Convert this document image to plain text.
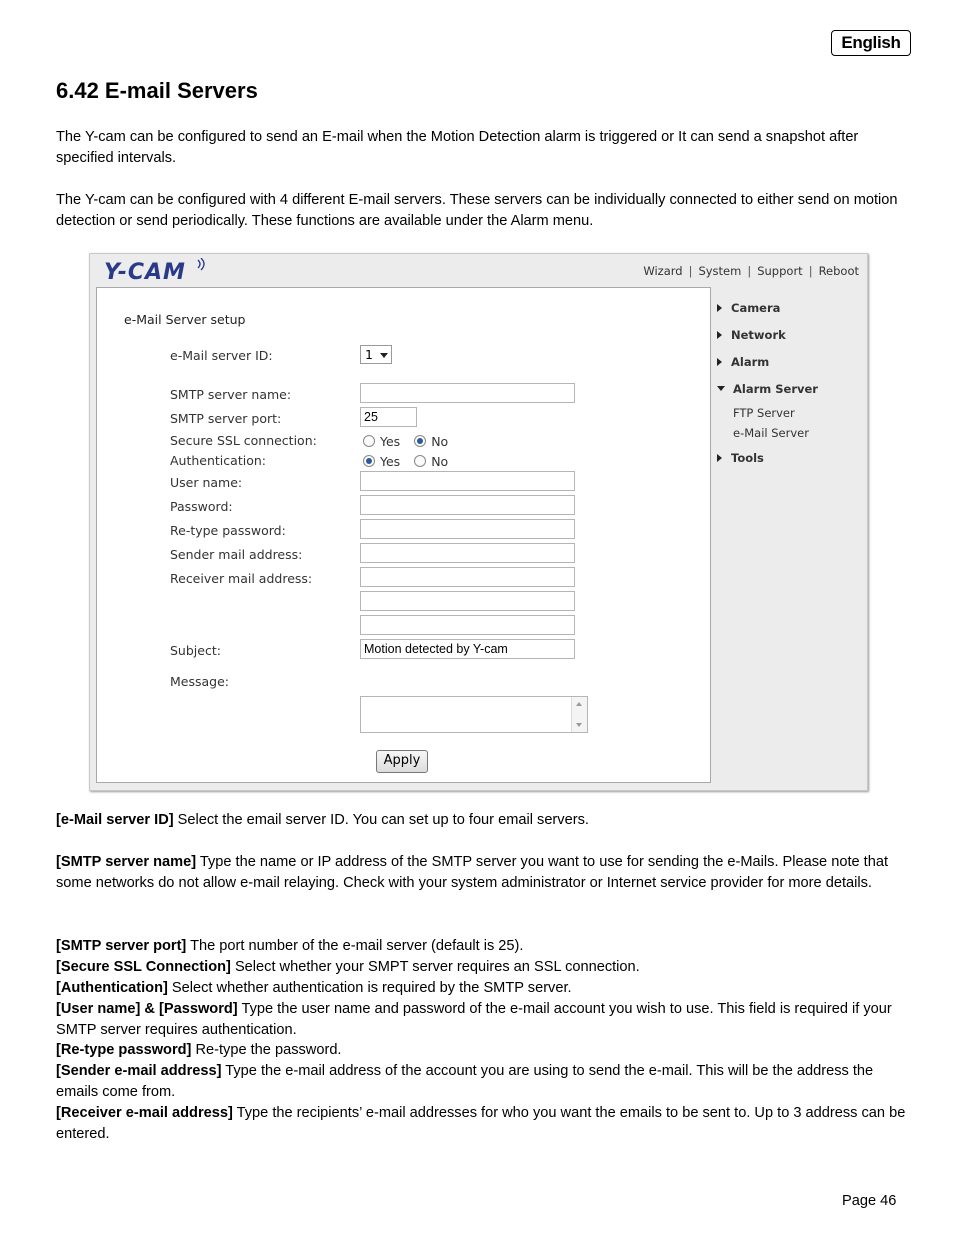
English
6.42 E-mail Servers
The Y-cam can be configured to send an E-mail when the Motion Detection alarm is triggered or It can send a snapshot after specified intervals.
The Y-cam can be configured with 4 different E-mail servers. These servers can be individually connected to either send on motion detection or send periodically. These functions are available under the Alarm menu.
Y-CAM	Wizard | System | Support | Reboot
e-Mail Server setup
e-Mail server ID:	1
SMTP server name:
SMTP server port:	25
Secure SSL connection:	Yes No
Authentication:	Yes No
User name:
Password:
Re-type password:
Sender mail address:
Receiver mail address:
Subject:	Motion detected by Y-cam
Message:
Apply
Camera
Network
Alarm
Alarm Server
FTP Server
e-Mail Server
Tools
[e-Mail server ID] Select the email server ID. You can set up to four email servers.
[SMTP server name] Type the name or IP address of the SMTP server you want to use for sending the e-Mails. Please note that some networks do not allow e-mail relaying. Check with your system administrator or Internet service provider for more details.
[SMTP server port] The port number of the e-mail server (default is 25).
[Secure SSL Connection] Select whether your SMPT server requires an SSL connection.
[Authentication] Select whether authentication is required by the SMTP server.
[User name] & [Password] Type the user name and password of the e-mail account you wish to use. This field is required if your SMTP server requires authentication.
[Re-type password] Re-type the password.
[Sender e-mail address] Type the e-mail address of the account you are using to send the e-mail. This will be the address the emails come from.
[Receiver e-mail address] Type the recipients’ e-mail addresses for who you want the emails to be sent to. Up to 3 address can be entered.
Page 46
